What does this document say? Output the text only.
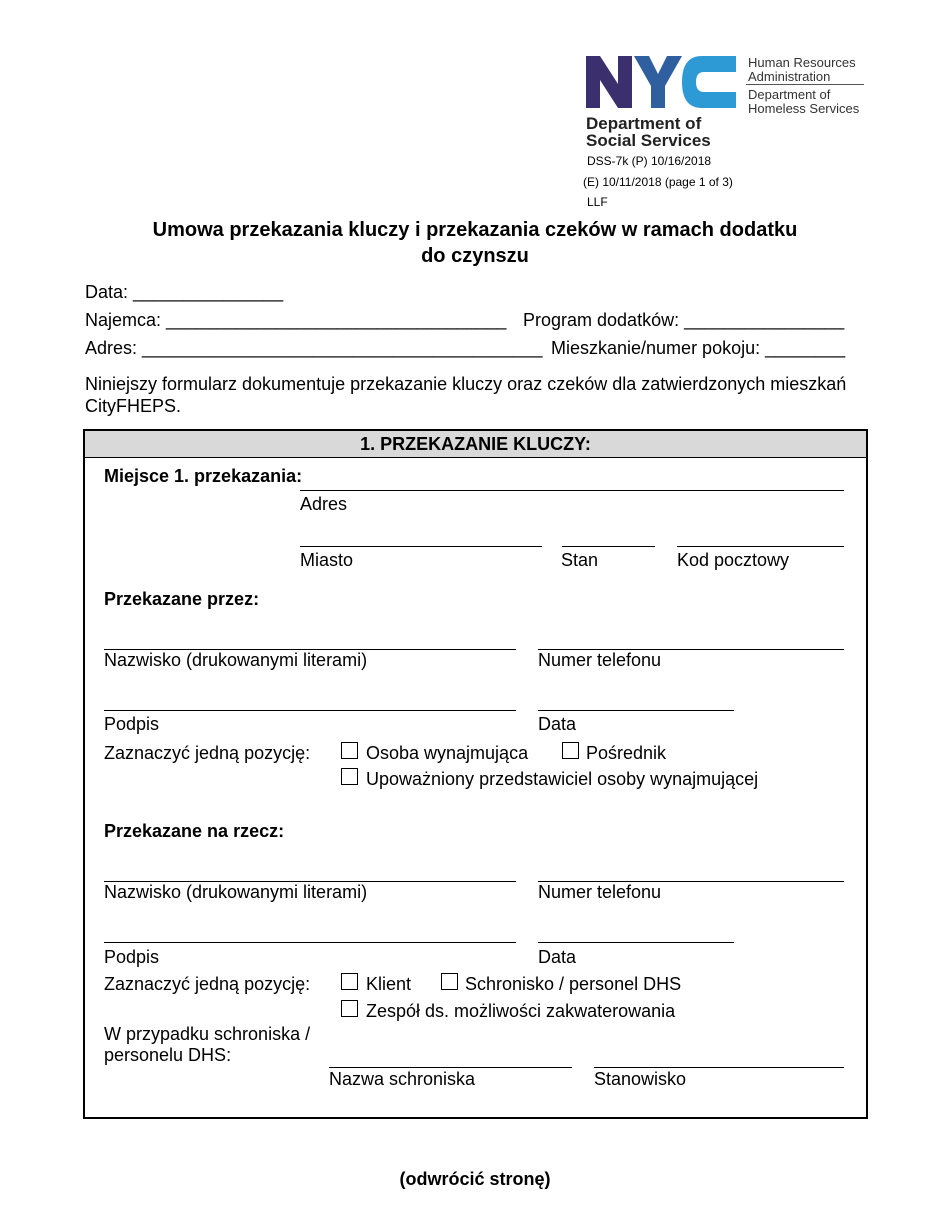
Human Resources
Administration
Department of
Homeless Services
Department of
Social Services
DSS-7k (P) 10/16/2018
(E) 10/11/2018 (page 1 of 3)
LLF
Umowa przekazania kluczy i przekazania czeków w ramach dodatku
do czynszu
Data: _______________
Najemca: __________________________________ Program dodatków: ________________
Adres: ________________________________________ Mieszkanie/numer pokoju: ________
Niniejszy formularz dokumentuje przekazanie kluczy oraz czeków dla zatwierdzonych mieszkań
CityFHEPS.
1. PRZEKAZANIE KLUCZY:
Miejsce 1. przekazania:
Adres
Miasto	Stan	Kod pocztowy
Przekazane przez:
Nazwisko (drukowanymi literami)	Numer telefonu
Podpis	Data
Zaznaczyć jedną pozycję:	Osoba wynajmująca	Pośrednik
Upoważniony przedstawiciel osoby wynajmującej
Przekazane na rzecz:
Nazwisko (drukowanymi literami)	Numer telefonu
Podpis	Data
Zaznaczyć jedną pozycję:	Klient	Schronisko / personel DHS
Zespół ds. możliwości zakwaterowania
W przypadku schroniska /
personelu DHS:
Nazwa schroniska	Stanowisko
(odwrócić stronę)
